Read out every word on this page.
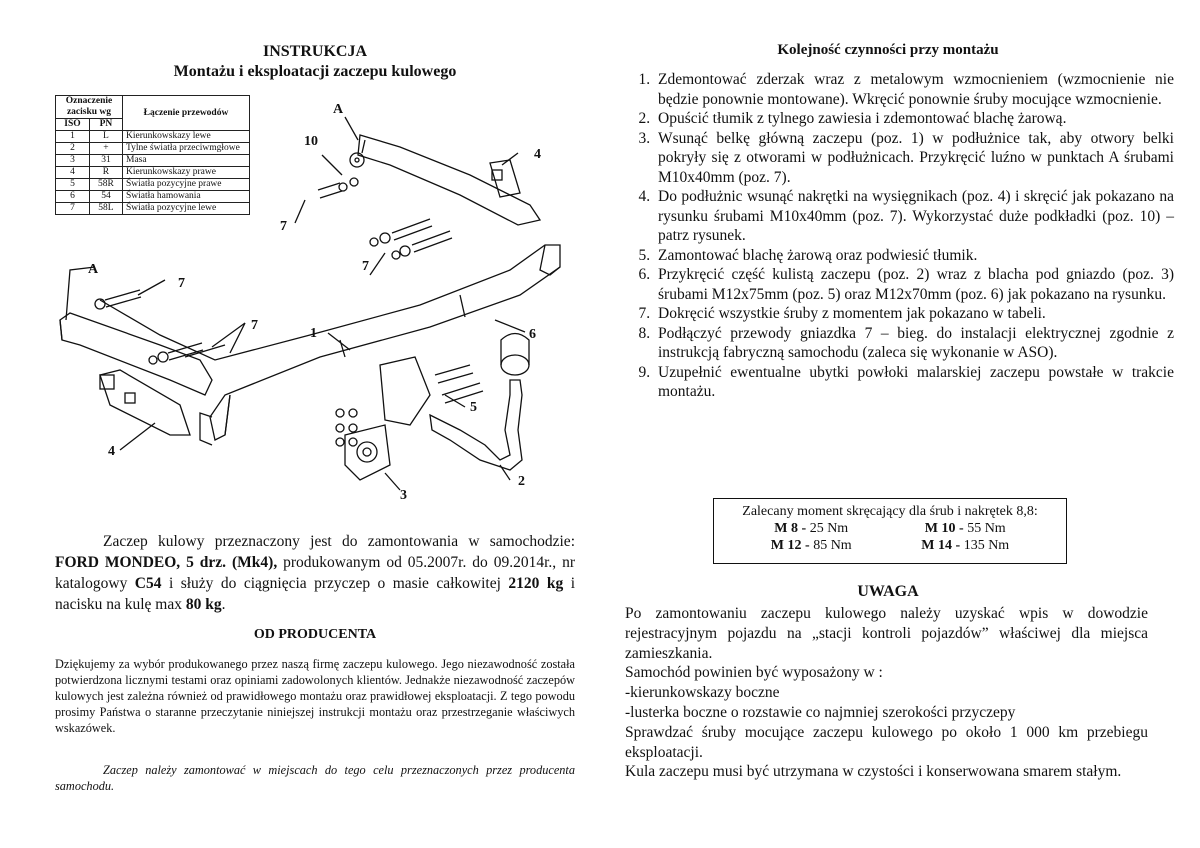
INSTRUKCJA
Montażu i eksploatacji zaczepu kulowego
Oznaczenie zacisku wg		Łączenie przewodów
ISO	PN	
1	L	Kierunkowskazy lewe
2	+	Tylne światła przeciwmgłowe
3	31	Masa
4	R	Kierunkowskazy prawe
5	58R	Światła pozycyjne prawe
6	54	Światła hamowania
7	58L	Światła pozycyjne lewe
A
10
4
7
7
A
7
7
1	6
5
2
3
4
Zaczep kulowy przeznaczony jest do zamontowania w samochodzie: FORD MONDEO, 5 drz. (Mk4), produkowanym od 05.2007r. do 09.2014r., nr katalogowy C54 i służy do ciągnięcia przyczep o masie całkowitej 2120 kg i nacisku na kulę max 80 kg.
OD PRODUCENTA
Dziękujemy za wybór produkowanego przez naszą firmę zaczepu kulowego. Jego niezawodność została potwierdzona licznymi testami oraz opiniami zadowolonych klientów. Jednakże niezawodność zaczepów kulowych jest zależna również od prawidłowego montażu oraz prawidłowej eksploatacji. Z tego powodu prosimy Państwa o staranne przeczytanie niniejszej instrukcji montażu oraz przestrzeganie właściwych wskazówek.
Zaczep należy zamontować w miejscach do tego celu przeznaczonych przez producenta samochodu.
Kolejność czynności przy montażu
1. Zdemontować zderzak wraz z metalowym wzmocnieniem (wzmocnienie nie będzie ponownie montowane). Wkręcić ponownie śruby mocujące wzmocnienie.
2. Opuścić tłumik z tylnego zawiesia i zdemontować blachę żarową.
3. Wsunąć belkę główną zaczepu (poz. 1) w podłużnice tak, aby otwory belki pokryły się z otworami w podłużnicach. Przykręcić luźno w punktach A śrubami M10x40mm (poz. 7).
4. Do podłużnic wsunąć nakrętki na wysięgnikach (poz. 4) i skręcić jak pokazano na rysunku śrubami M10x40mm (poz. 7). Wykorzystać duże podkładki (poz. 10) – patrz rysunek.
5. Zamontować blachę żarową oraz podwiesić tłumik.
6. Przykręcić część kulistą zaczepu (poz. 2) wraz z blacha pod gniazdo (poz. 3) śrubami M12x75mm (poz. 5) oraz M12x70mm (poz. 6) jak pokazano na rysunku.
7. Dokręcić wszystkie śruby z momentem jak pokazano w tabeli.
8. Podłączyć przewody gniazdka 7 – bieg. do instalacji elektrycznej zgodnie z instrukcją fabryczną samochodu (zaleca się wykonanie w ASO).
9. Uzupełnić ewentualne ubytki powłoki malarskiej zaczepu powstałe w trakcie montażu.
Zalecany moment skręcający dla śrub i nakrętek 8,8:
M 8 - 25 Nm	M 10 - 55 Nm
M 12 - 85 Nm	M 14 - 135 Nm
UWAGA
Po zamontowaniu zaczepu kulowego należy uzyskać wpis w dowodzie rejestracyjnym pojazdu na „stacji kontroli pojazdów” właściwej dla miejsca zamieszkania.
Samochód powinien być wyposażony w :
-kierunkowskazy boczne
-lusterka boczne o rozstawie co najmniej szerokości przyczepy
Sprawdzać śruby mocujące zaczepu kulowego po około 1 000 km przebiegu eksploatacji.
Kula zaczepu musi być utrzymana w czystości i konserwowana smarem stałym.
